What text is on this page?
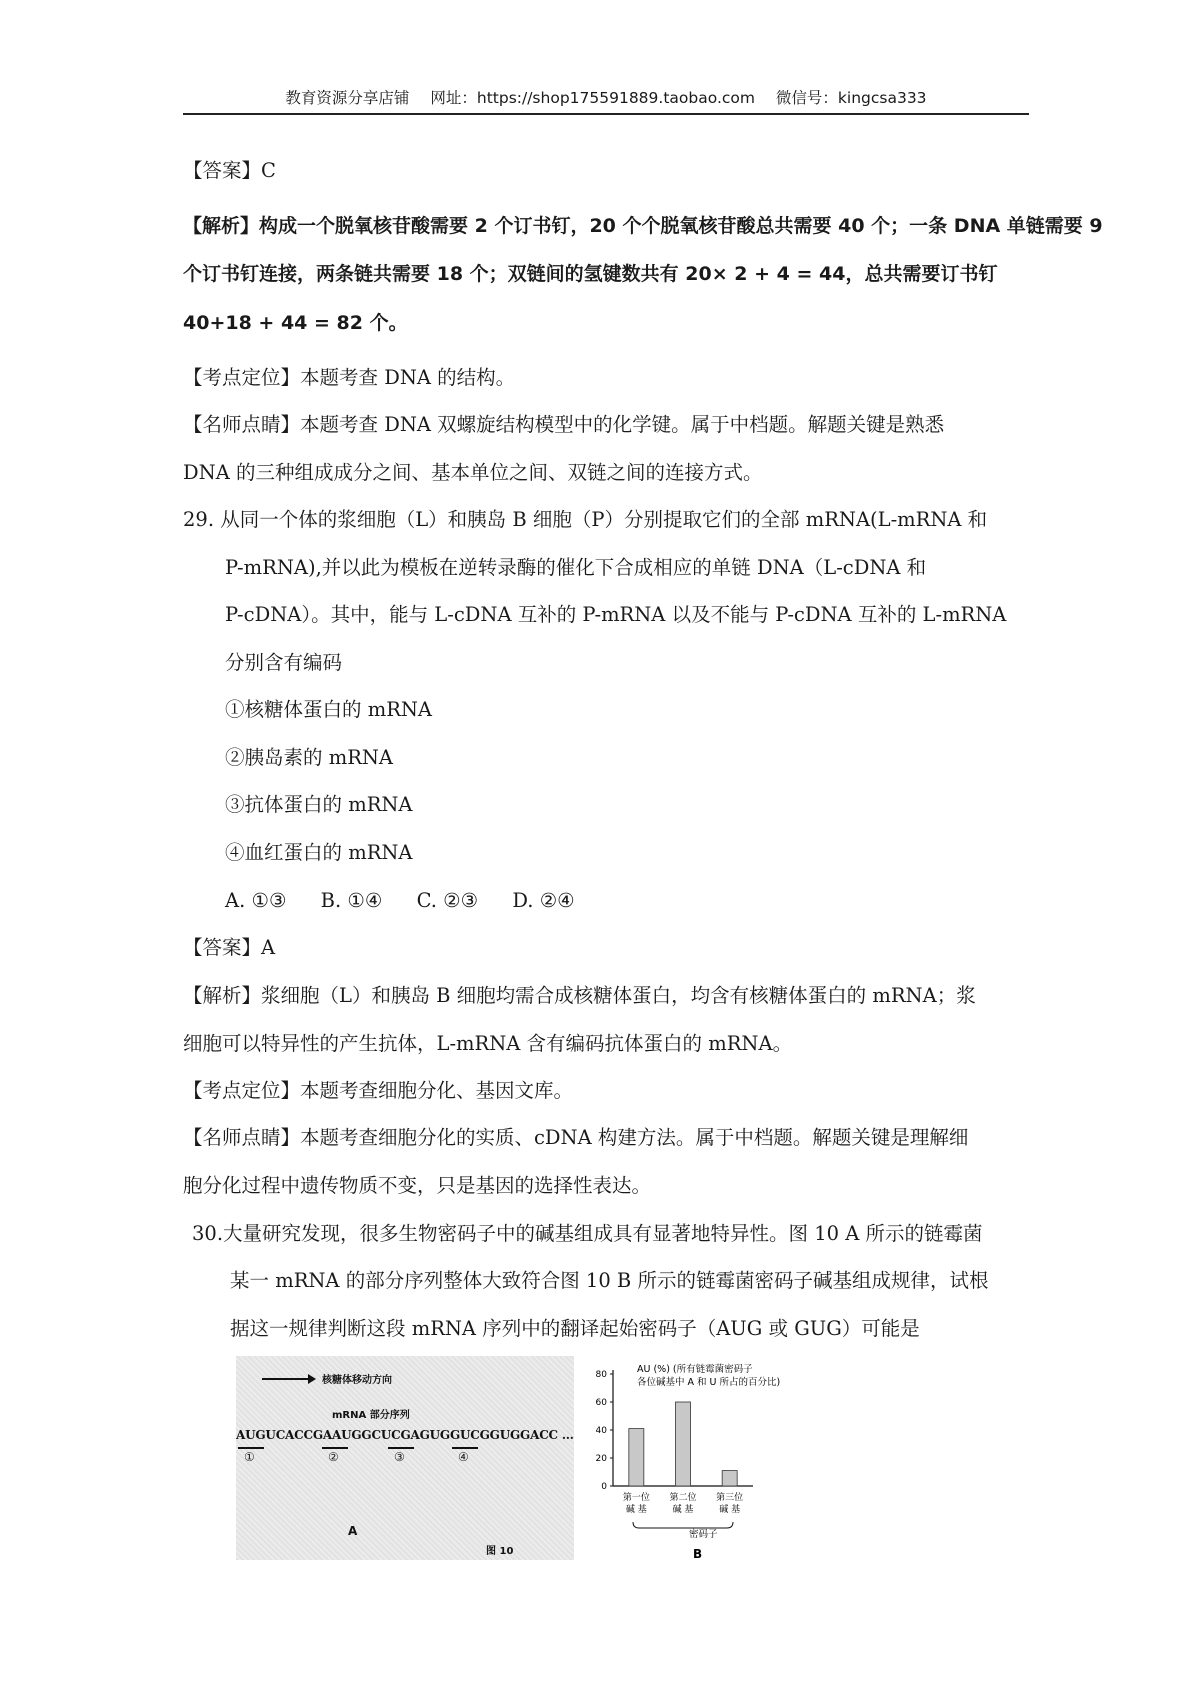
教育资源分享店铺 网址：https://shop175591889.taobao.com 微信号：kingcsa333
【答案】C
【解析】构成一个脱氧核苷酸需要 2 个订书钉，20 个个脱氧核苷酸总共需要 40 个；一条 DNA 单链需要 9
个订书钉连接，两条链共需要 18 个；双链间的氢键数共有 20× 2 + 4 = 44，总共需要订书钉
40+18 + 44 = 82 个。
【考点定位】本题考查 DNA 的结构。
【名师点睛】本题考查 DNA 双螺旋结构模型中的化学键。属于中档题。解题关键是熟悉
DNA 的三种组成成分之间、基本单位之间、双链之间的连接方式。
29. 从同一个体的浆细胞（L）和胰岛 B 细胞（P）分别提取它们的全部 mRNA(L-mRNA 和
P-mRNA),并以此为模板在逆转录酶的催化下合成相应的单链 DNA（L-cDNA 和
P-cDNA）。其中，能与 L-cDNA 互补的 P-mRNA 以及不能与 P-cDNA 互补的 L-mRNA
分别含有编码
①核糖体蛋白的 mRNA
②胰岛素的 mRNA
③抗体蛋白的 mRNA
④血红蛋白的 mRNA
A. ①③ B. ①④ C. ②③ D. ②④
【答案】A
【解析】浆细胞（L）和胰岛 B 细胞均需合成核糖体蛋白，均含有核糖体蛋白的 mRNA；浆
细胞可以特异性的产生抗体，L-mRNA 含有编码抗体蛋白的 mRNA。
【考点定位】本题考查细胞分化、基因文库。
【名师点睛】本题考查细胞分化的实质、cDNA 构建方法。属于中档题。解题关键是理解细
胞分化过程中遗传物质不变，只是基因的选择性表达。
30.大量研究发现，很多生物密码子中的碱基组成具有显著地特异性。图 10 A 所示的链霉菌
某一 mRNA 的部分序列整体大致符合图 10 B 所示的链霉菌密码子碱基组成规律，试根
据这一规律判断这段 mRNA 序列中的翻译起始密码子（AUG 或 GUG）可能是
核糖体移动方向
mRNA 部分序列
AUGUCACCGAAUGGCUCGAGUGGUCGGUGGACC …
①	②	③	④
A
图 10
AU (%) (所有链霉菌密码子
各位碱基中 A 和 U 所占的百分比)
0
20
40
60
80
第一位
碱 基
第二位
碱 基
第三位
碱 基
密码子
B
